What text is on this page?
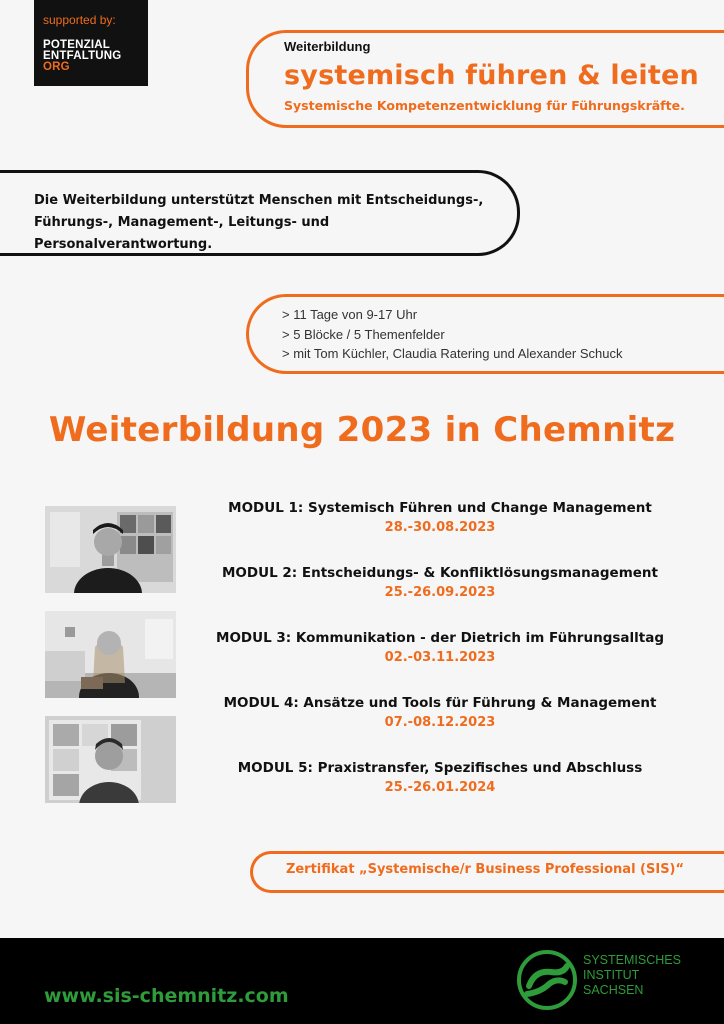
supported by:
POTENZIAL
ENTFALTUNG
ORG
Weiterbildung
systemisch führen & leiten
Systemische Kompetenzentwicklung für Führungskräfte.
Die Weiterbildung unterstützt Menschen mit Entscheidungs-,
Führungs-, Management-, Leitungs- und Personalverantwortung.
> 11 Tage von 9-17 Uhr
> 5 Blöcke / 5 Themenfelder
> mit Tom Küchler, Claudia Ratering und Alexander Schuck
Weiterbildung 2023 in Chemnitz
MODUL 1: Systemisch Führen und Change Management
28.-30.08.2023
MODUL 2: Entscheidungs- & Konfliktlösungsmanagement
25.-26.09.2023
MODUL 3: Kommunikation - der Dietrich im Führungsalltag
02.-03.11.2023
MODUL 4: Ansätze und Tools für Führung & Management
07.-08.12.2023
MODUL 5: Praxistransfer, Spezifisches und Abschluss
25.-26.01.2024
Zertifikat „Systemische/r Business Professional (SIS)“
www.sis-chemnitz.com
SYSTEMISCHES
INSTITUT
SACHSEN
